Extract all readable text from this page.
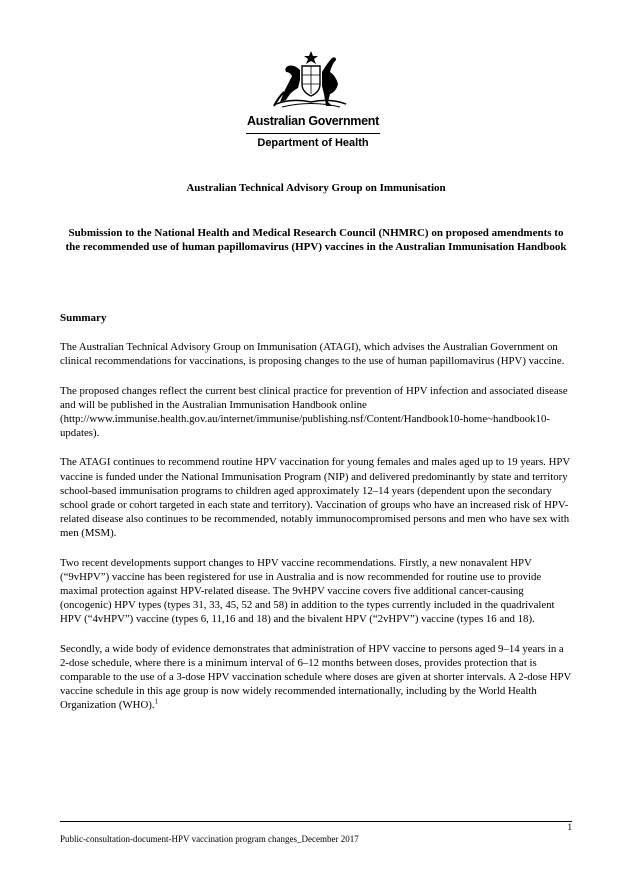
Australian Government
Department of Health
Australian Technical Advisory Group on Immunisation

Submission to the National Health and Medical Research Council (NHMRC) on proposed amendments to the recommended use of human papillomavirus (HPV) vaccines in the Australian Immunisation Handbook

Summary

The Australian Technical Advisory Group on Immunisation (ATAGI), which advises the Australian Government on clinical recommendations for vaccinations, is proposing changes to the use of human papillomavirus (HPV) vaccine.

The proposed changes reflect the current best clinical practice for prevention of HPV infection and associated disease and will be published in the Australian Immunisation Handbook online (http://www.immunise.health.gov.au/internet/immunise/publishing.nsf/Content/Handbook10-home~handbook10-updates).

The ATAGI continues to recommend routine HPV vaccination for young females and males aged up to 19 years. HPV vaccine is funded under the National Immunisation Program (NIP) and delivered predominantly by state and territory school-based immunisation programs to children aged approximately 12–14 years (dependent upon the secondary school grade or cohort targeted in each state and territory). Vaccination of groups who have an increased risk of HPV-related disease also continues to be recommended, notably immunocompromised persons and men who have sex with men (MSM).

Two recent developments support changes to HPV vaccine recommendations. Firstly, a new nonavalent HPV (“9vHPV”) vaccine has been registered for use in Australia and is now recommended for routine use to provide maximal protection against HPV-related disease. The 9vHPV vaccine covers five additional cancer-causing (oncogenic) HPV types (types 31, 33, 45, 52 and 58) in addition to the types currently included in the quadrivalent HPV (“4vHPV”) vaccine (types 6, 11,16 and 18) and the bivalent HPV (“2vHPV”) vaccine (types 16 and 18).

Secondly, a wide body of evidence demonstrates that administration of HPV vaccine to persons aged 9–14 years in a 2-dose schedule, where there is a minimum interval of 6–12 months between doses, provides protection that is comparable to the use of a 3-dose HPV vaccination schedule where doses are given at shorter intervals. A 2-dose HPV vaccine schedule in this age group is now widely recommended internationally, including by the World Health Organization (WHO).$^1$

1
Public-consultation-document-HPV vaccination program changes_December 2017
